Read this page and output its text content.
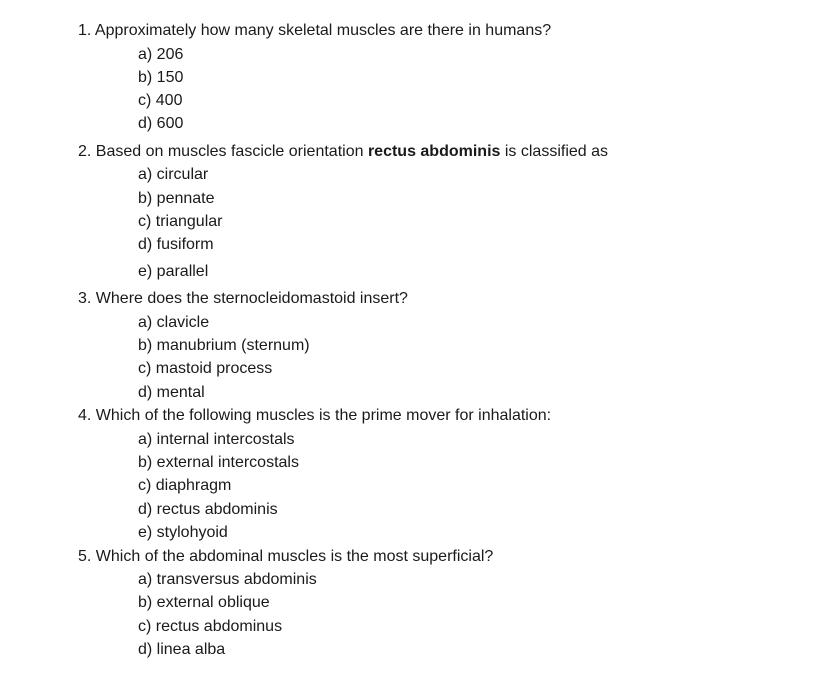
1. Approximately how many skeletal muscles are there in humans?
a) 206
b) 150
c) 400
d) 600
2. Based on muscles fascicle orientation rectus abdominis is classified as
a) circular
b) pennate
c) triangular
d) fusiform
e) parallel
3. Where does the sternocleidomastoid insert?
a) clavicle
b) manubrium (sternum)
c) mastoid process
d) mental
4. Which of the following muscles is the prime mover for inhalation:
a) internal intercostals
b) external intercostals
c) diaphragm
d) rectus abdominis
e) stylohyoid
5. Which of the abdominal muscles is the most superficial?
a) transversus abdominis
b) external oblique
c) rectus abdominus
d) linea alba
